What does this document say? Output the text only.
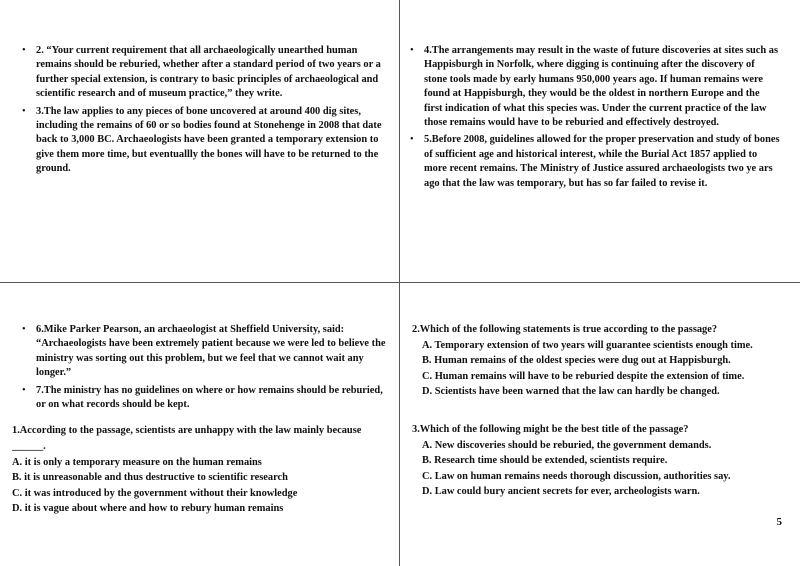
• 2. “Your current requirement that all archaeologically unearthed human remains should be reburied, whether after a standard period of two years or a further special extension, is contrary to basic principles of archaeological and scientific research and of museum practice,” they write.
• 3.The law applies to any pieces of bone uncovered at around 400 dig sites, including the remains of 60 or so bodies found at Stonehenge in 2008 that date back to 3,000 BC. Archaeologists have been granted a temporary extension to give them more time, but eventuallly the bones will have to be returned to the ground.
• 4.The arrangements may result in the waste of future discoveries at sites such as Happisburgh in Norfolk, where digging is continuing after the discovery of stone tools made by early humans 950,000 years ago. If human remains were found at Happisburgh, they would be the oldest in northern Europe and the first indication of what this species was. Under the current practice of the law those remains would have to be reburied and effectively destroyed.
• 5.Before 2008, guidelines allowed for the proper preservation and study of bones of sufficient age and historical interest, while the Burial Act 1857 applied to more recent remains. The Ministry of Justice assured archaeologists two ye ars ago that the law was temporary, but has so far failed to revise it.
• 6.Mike Parker Pearson, an archaeologist at Sheffield University, said: “Archaeologists have been extremely patient because we were led to believe the ministry was sorting out this problem, but we feel that we cannot wait any longer.”
• 7.The ministry has no guidelines on where or how remains should be reburied, or on what records should be kept.

1.According to the passage, scientists are unhappy with the law mainly because ______.

A. it is only a temporary measure on the human remains

B. it is unreasonable and thus destructive to scientific research

C. it was introduced by the government without their knowledge

D. it is vague about where and how to rebury human remains

2.Which of the following statements is true according to the passage?

A. Temporary extension of two years will guarantee scientists enough time.

B. Human remains of the oldest species were dug out at Happisburgh.

C. Human remains will have to be reburied despite the extension of time.

D. Scientists have been warned that the law can hardly be changed.

3.Which of the following might be the best title of the passage?

A. New discoveries should be reburied, the government demands.

B. Research time should be extended, scientists require.

C. Law on human remains needs thorough discussion, authorities say.

D. Law could bury ancient secrets for ever, archeologists warn.

5
